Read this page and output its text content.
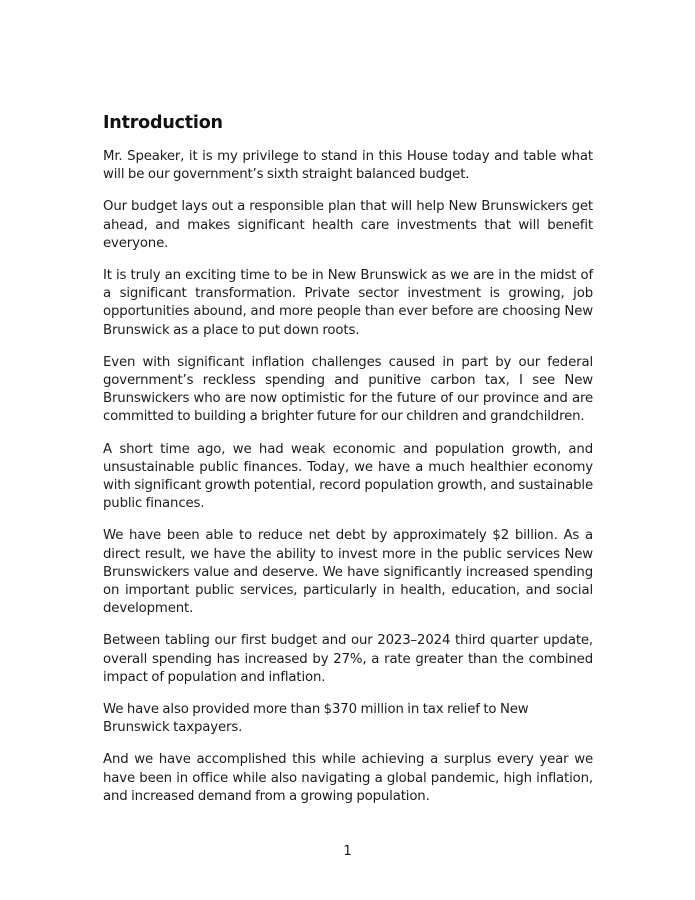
Introduction

Mr. Speaker, it is my privilege to stand in this House today and table what will be our government’s sixth straight balanced budget.

Our budget lays out a responsible plan that will help New Brunswickers get ahead, and makes significant health care investments that will benefit everyone.

It is truly an exciting time to be in New Brunswick as we are in the midst of a significant transformation. Private sector investment is growing, job opportunities abound, and more people than ever before are choosing New Brunswick as a place to put down roots.

Even with significant inflation challenges caused in part by our federal government’s reckless spending and punitive carbon tax, I see New Brunswickers who are now optimistic for the future of our province and are committed to building a brighter future for our children and grandchildren.

A short time ago, we had weak economic and population growth, and unsustainable public finances. Today, we have a much healthier economy with significant growth potential, record population growth, and sustainable public finances.

We have been able to reduce net debt by approximately $2 billion. As a direct result, we have the ability to invest more in the public services New Brunswickers value and deserve. We have significantly increased spending on important public services, particularly in health, education, and social development.

Between tabling our first budget and our 2023–2024 third quarter update, overall spending has increased by 27%, a rate greater than the combined impact of population and inflation.

We have also provided more than $370 million in tax relief to New Brunswick taxpayers.

And we have accomplished this while achieving a surplus every year we have been in office while also navigating a global pandemic, high inflation, and increased demand from a growing population.

1
